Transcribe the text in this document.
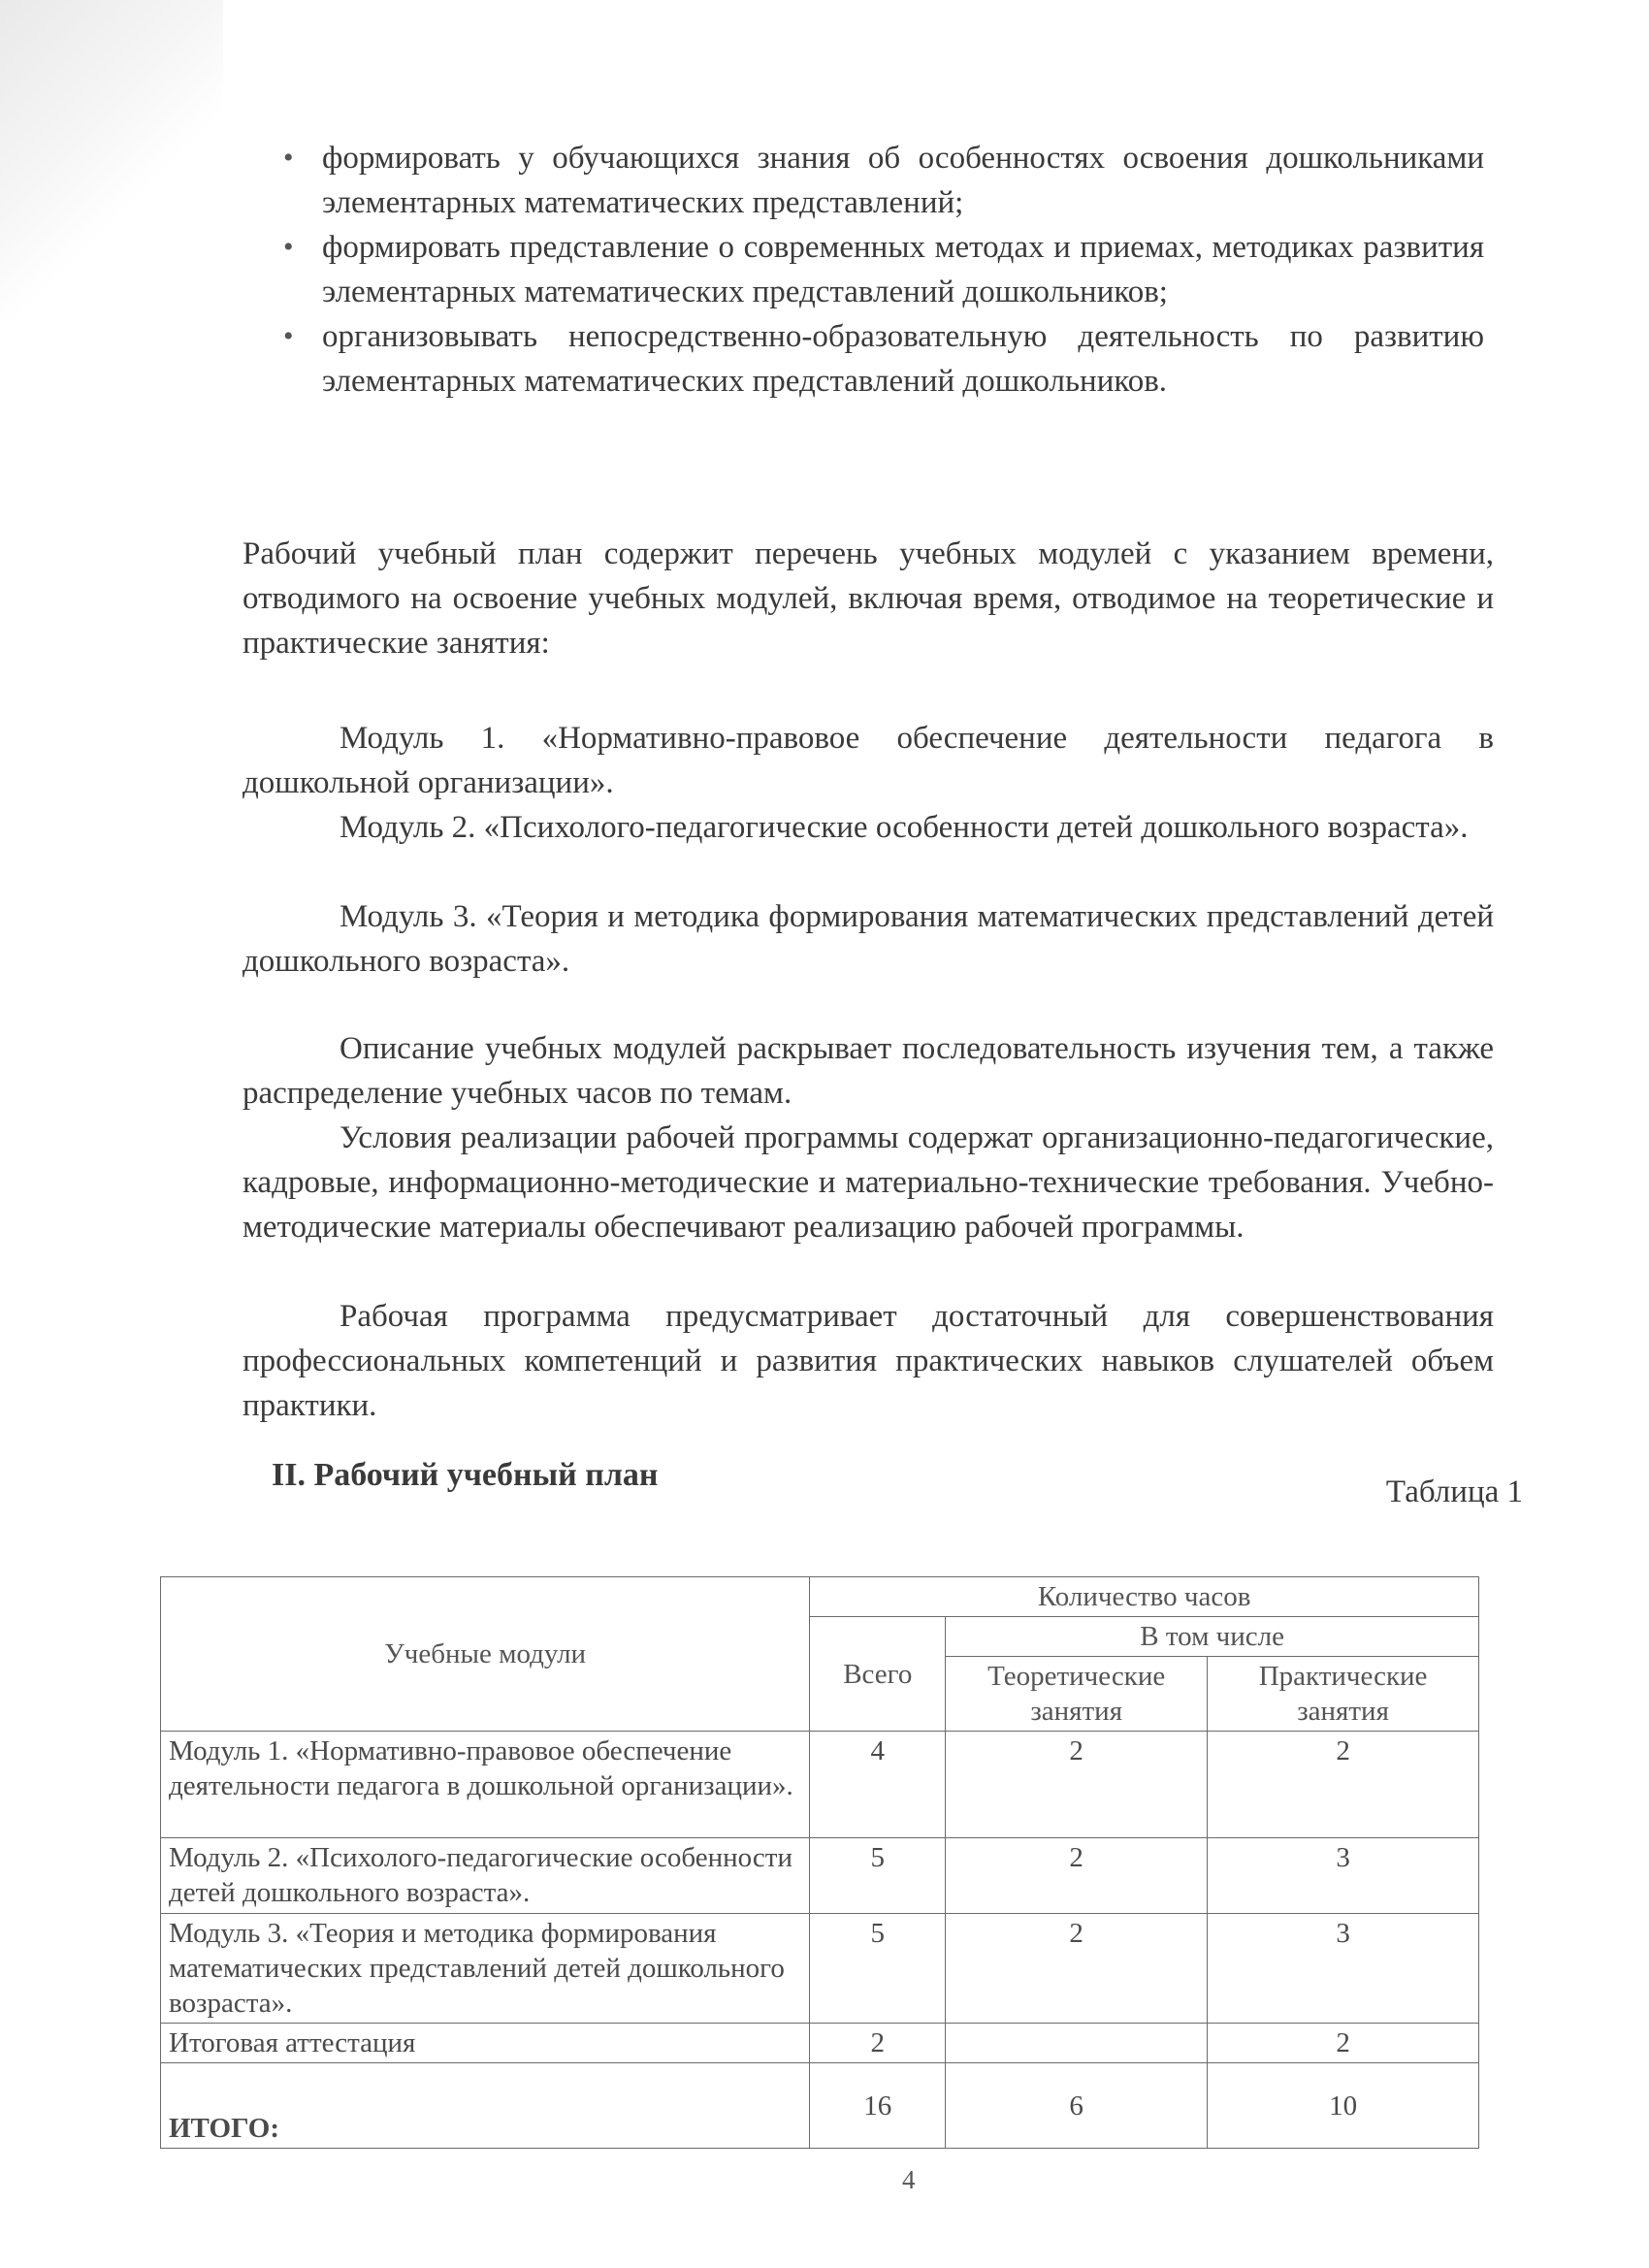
• формировать у обучающихся знания об особенностях освоения дошкольниками элементарных математических представлений;
• формировать представление о современных методах и приемах, методиках развития элементарных математических представлений дошкольников;
• организовывать непосредственно-образовательную деятельность по развитию элементарных математических представлений дошкольников.

Рабочий учебный план содержит перечень учебных модулей с указанием времени, отводимого на освоение учебных модулей, включая время, отводимое на теоретические и практические занятия:

Модуль 1. «Нормативно-правовое обеспечение деятельности педагога в дошкольной организации».

Модуль 2. «Психолого-педагогические особенности детей дошкольного возраста».

Модуль 3. «Теория и методика формирования математических представлений детей дошкольного возраста».

Описание учебных модулей раскрывает последовательность изучения тем, а также распределение учебных часов по темам.

Условия реализации рабочей программы содержат организационно-педагогические, кадровые, информационно-методические и материально-технические требования. Учебно-методические материалы обеспечивают реализацию рабочей программы.

Рабочая программа предусматривает достаточный для совершенствования профессиональных компетенций и развития практических навыков слушателей объем практики.

II. Рабочий учебный план	Таблица 1

Учебные модули	Количество часов		
	Всего	В том числе	
		Теоретические занятия	Практические занятия
Модуль 1. «Нормативно-правовое обеспечение деятельности педагога в дошкольной организации».	4	2	2
Модуль 2. «Психолого-педагогические особенности детей дошкольного возраста».	5	2	3
Модуль 3. «Теория и методика формирования математических представлений детей дошкольного возраста».	5	2	3
Итоговая аттестация	2		2
ИТОГО:	16	6	10
4
